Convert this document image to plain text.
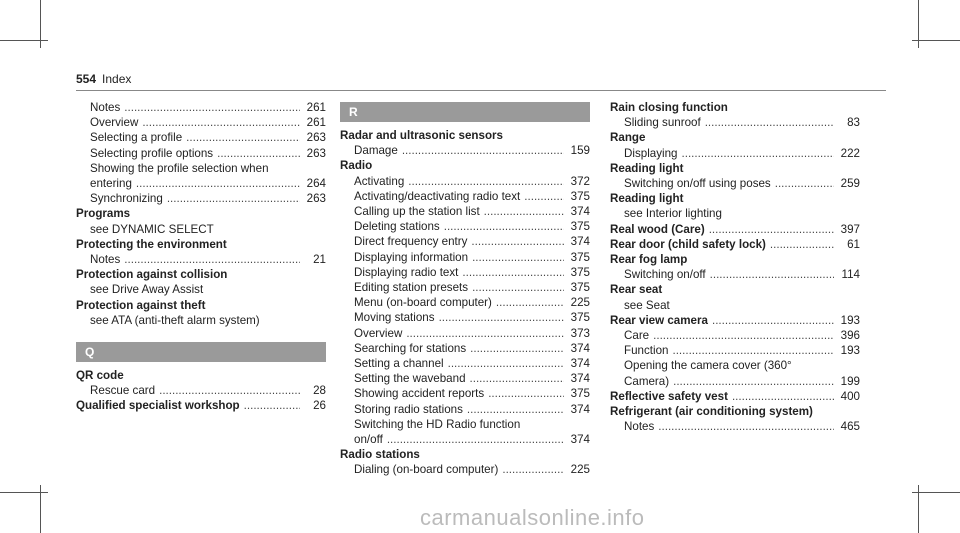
554 Index
Notes .....	261
Overview .....	261
Selecting a profile .....	263
Selecting profile options .....	263
Showing the profile selection when
entering .....	264
Synchronizing .....	263
Programs
see DYNAMIC SELECT
Protecting the environment
Notes .....	21
Protection against collision
see Drive Away Assist
Protection against theft
see ATA (anti-theft alarm system)
Q
QR code
Rescue card .....	28
Qualified specialist workshop .....	26
R
Radar and ultrasonic sensors
Damage .....	159
Radio
Activating .....	372
Activating/deactivating radio text .....	375
Calling up the station list .....	374
Deleting stations .....	375
Direct frequency entry .....	374
Displaying information .....	375
Displaying radio text .....	375
Editing station presets .....	375
Menu (on-board computer) .....	225
Moving stations .....	375
Overview .....	373
Searching for stations .....	374
Setting a channel .....	374
Setting the waveband .....	374
Showing accident reports .....	375
Storing radio stations .....	374
Switching the HD Radio function
on/off .....	374
Radio stations
Dialing (on-board computer) .....	225
Rain closing function
Sliding sunroof .....	83
Range
Displaying .....	222
Reading light
Switching on/off using poses .....	259
Reading light
see Interior lighting
Real wood (Care) .....	397
Rear door (child safety lock) .....	61
Rear fog lamp
Switching on/off .....	114
Rear seat
see Seat
Rear view camera .....	193
Care .....	396
Function .....	193
Opening the camera cover (360°
Camera) .....	199
Reflective safety vest .....	400
Refrigerant (air conditioning system)
Notes .....	465
carmanualsonline.info
